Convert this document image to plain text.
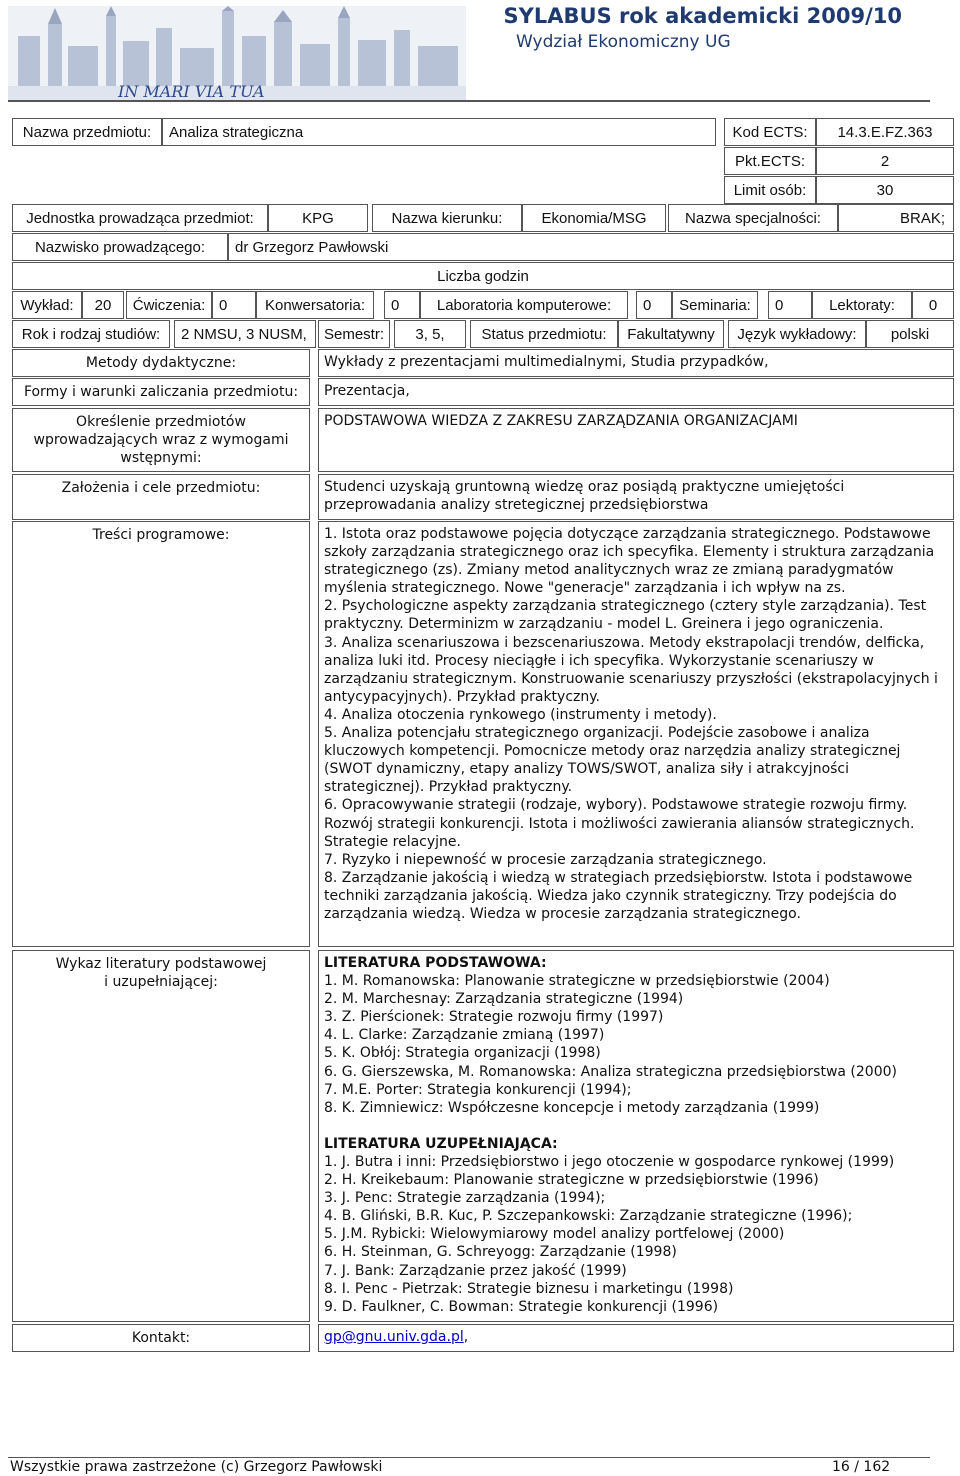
IN MARI VIA TUA
SYLABUS rok akademicki 2009/10
Wydział Ekonomiczny UG
Nazwa przedmiotu:	Analiza strategiczna	Kod ECTS:	14.3.E.FZ.363
Pkt.ECTS:	2
Limit osób:	30
Jednostka prowadząca przedmiot:	KPG	Nazwa kierunku:	Ekonomia/MSG	Nazwa specjalności:	BRAK;
Nazwisko prowadzącego:	dr Grzegorz Pawłowski
Liczba godzin
Wykład:	20	Ćwiczenia: 0	Konwersatoria:	0	Laboratoria komputerowe:	0	Seminaria:	0	Lektoraty:	0
Rok i rodzaj studiów:	2 NMSU, 3 NUSM,	Semestr:	3, 5,	Status przedmiotu:	Fakultatywny	Język wykładowy:	polski
Metody dydaktyczne:	Wykłady z prezentacjami multimedialnymi, Studia przypadków,
Formy i warunki zaliczania przedmiotu:	Prezentacja,
Określenie przedmiotów wprowadzających wraz z wymogami wstępnymi:
PODSTAWOWA WIEDZA Z ZAKRESU ZARZĄDZANIA ORGANIZACJAMI
Założenia i cele przedmiotu:	Studenci uzyskają gruntowną wiedzę oraz posiądą praktyczne umiejętości przeprowadania analizy stretegicznej przedsiębiorstwa
Treści programowe:	1. Istota oraz podstawowe pojęcia dotyczące zarządzania strategicznego. Podstawowe szkoły zarządzania strategicznego oraz ich specyfika. Elementy i struktura zarządzania strategicznego (zs). Zmiany metod analitycznych wraz ze zmianą paradygmatów myślenia strategicznego. Nowe "generacje" zarządzania i ich wpływ na zs.
2. Psychologiczne aspekty zarządzania strategicznego (cztery style zarządzania). Test praktyczny. Determinizm w zarządzaniu - model L. Greinera i jego ograniczenia.
3. Analiza scenariuszowa i bezscenariuszowa. Metody ekstrapolacji trendów, delficka, analiza luki itd. Procesy nieciągłe i ich specyfika. Wykorzystanie scenariuszy w zarządzaniu strategicznym. Konstruowanie scenariuszy przyszłości (ekstrapolacyjnych i antycypacyjnych). Przykład praktyczny.
4. Analiza otoczenia rynkowego (instrumenty i metody).
5. Analiza potencjału strategicznego organizacji. Podejście zasobowe i analiza kluczowych kompetencji. Pomocnicze metody oraz narzędzia analizy strategicznej (SWOT dynamiczny, etapy analizy TOWS/SWOT, analiza siły i atrakcyjności strategicznej). Przykład praktyczny.
6. Opracowywanie strategii (rodzaje, wybory). Podstawowe strategie rozwoju firmy. Rozwój strategii konkurencji. Istota i możliwości zawierania aliansów strategicznych. Strategie relacyjne.
7. Ryzyko i niepewność w procesie zarządzania strategicznego.
8. Zarządzanie jakością i wiedzą w strategiach przedsiębiorstw. Istota i podstawowe techniki zarządzania jakością. Wiedza jako czynnik strategiczny. Trzy podejścia do zarządzania wiedzą. Wiedza w procesie zarządzania strategicznego.
Wykaz literatury podstawowej i uzupełniającej:
LITERATURA PODSTAWOWA:
1. M. Romanowska: Planowanie strategiczne w przedsiębiorstwie (2004)
2. M. Marchesnay: Zarządzania strategiczne (1994)
3. Z. Pierścionek: Strategie rozwoju firmy (1997)
4. L. Clarke: Zarządzanie zmianą (1997)
5. K. Obłój: Strategia organizacji (1998)
6. G. Gierszewska, M. Romanowska: Analiza strategiczna przedsiębiorstwa (2000)
7. M.E. Porter: Strategia konkurencji (1994);
8. K. Zimniewicz: Współczesne koncepcje i metody zarządzania (1999)
LITERATURA UZUPEŁNIAJĄCA:
1. J. Butra i inni: Przedsiębiorstwo i jego otoczenie w gospodarce rynkowej (1999)
2. H. Kreikebaum: Planowanie strategiczne w przedsiębiorstwie (1996)
3. J. Penc: Strategie zarządzania (1994);
4. B. Gliński, B.R. Kuc, P. Szczepankowski: Zarządzanie strategiczne (1996);
5. J.M. Rybicki: Wielowymiarowy model analizy portfelowej (2000)
6. H. Steinman, G. Schreyogg: Zarządzanie (1998)
7. J. Bank: Zarządzanie przez jakość (1999)
8. I. Penc - Pietrzak: Strategie biznesu i marketingu (1998)
9. D. Faulkner, C. Bowman: Strategie konkurencji (1996)
Kontakt:	gp@gnu.univ.gda.pl,
Wszystkie prawa zastrzeżone (c) Grzegorz Pawłowski	16 / 162
